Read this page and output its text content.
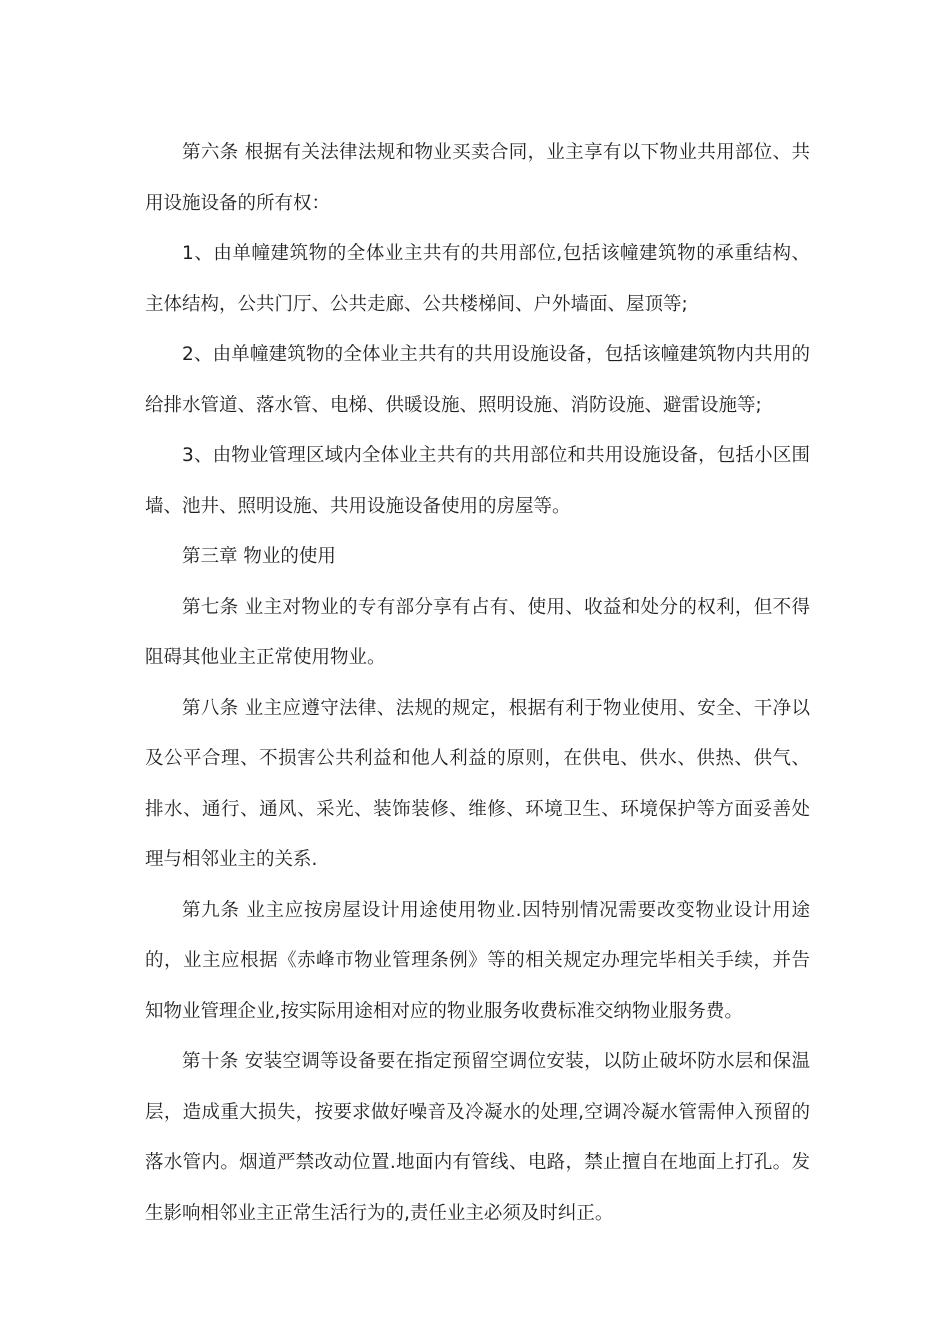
第六条 根据有关法律法规和物业买卖合同，业主享有以下物业共用部位、共用设施设备的所有权：

1、由单幢建筑物的全体业主共有的共用部位,包括该幢建筑物的承重结构、主体结构，公共门厅、公共走廊、公共楼梯间、户外墙面、屋顶等;

2、由单幢建筑物的全体业主共有的共用设施设备，包括该幢建筑物内共用的给排水管道、落水管、电梯、供暖设施、照明设施、消防设施、避雷设施等;

3、由物业管理区域内全体业主共有的共用部位和共用设施设备，包括小区围墙、池井、照明设施、共用设施设备使用的房屋等。

第三章 物业的使用

第七条 业主对物业的专有部分享有占有、使用、收益和处分的权利，但不得阻碍其他业主正常使用物业。

第八条 业主应遵守法律、法规的规定，根据有利于物业使用、安全、干净以及公平合理、不损害公共利益和他人利益的原则，在供电、供水、供热、供气、排水、通行、通风、采光、装饰装修、维修、环境卫生、环境保护等方面妥善处理与相邻业主的关系.

第九条 业主应按房屋设计用途使用物业.因特别情况需要改变物业设计用途的，业主应根据《赤峰市物业管理条例》等的相关规定办理完毕相关手续，并告知物业管理企业,按实际用途相对应的物业服务收费标准交纳物业服务费。

第十条 安装空调等设备要在指定预留空调位安装，以防止破坏防水层和保温层，造成重大损失，按要求做好噪音及冷凝水的处理,空调冷凝水管需伸入预留的落水管内。烟道严禁改动位置.地面内有管线、电路，禁止擅自在地面上打孔。发生影响相邻业主正常生活行为的,责任业主必须及时纠正。
